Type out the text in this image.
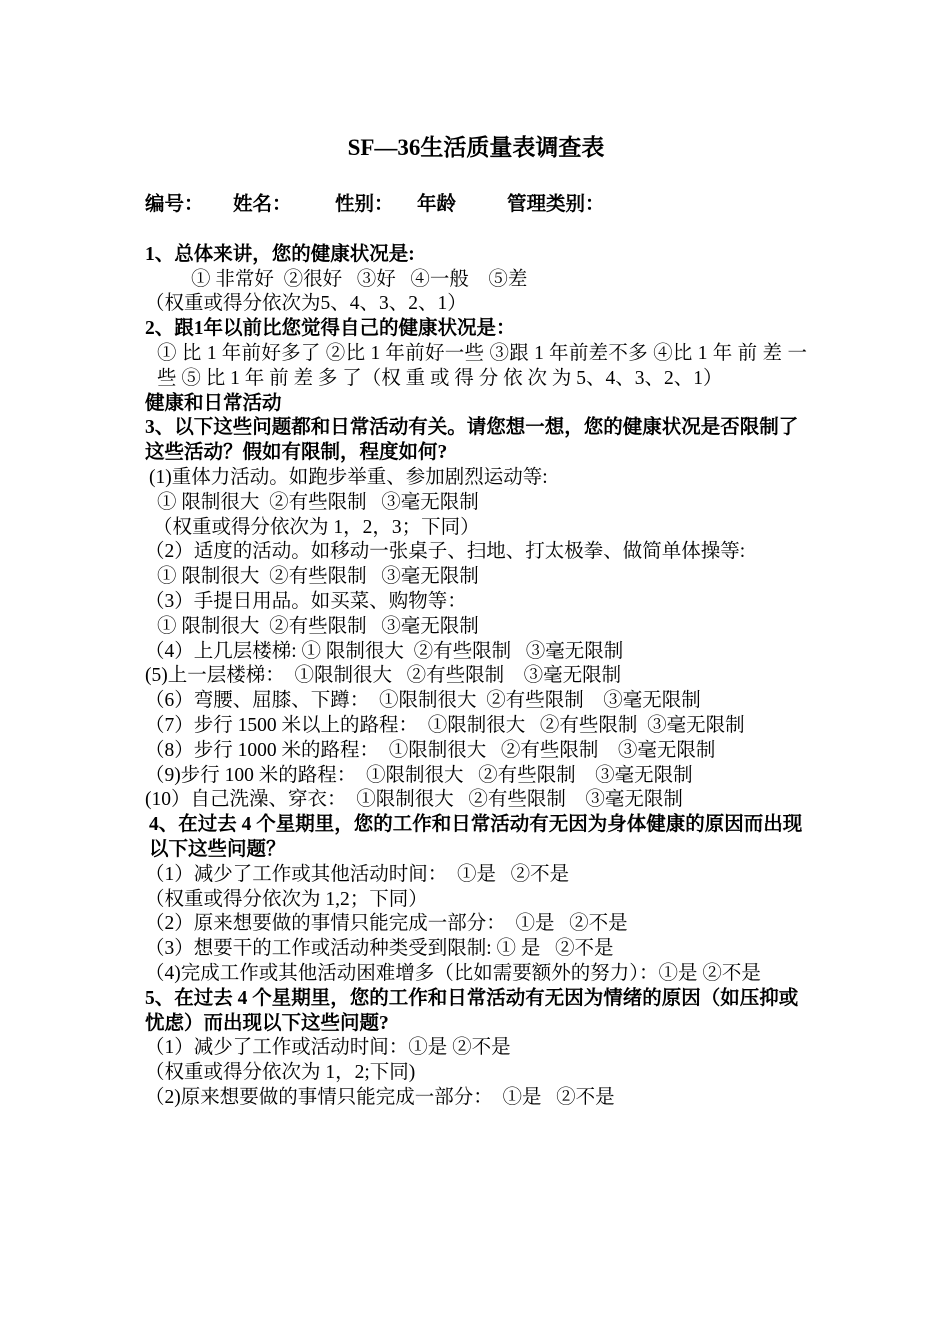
SF—36生活质量表调查表
编号： 姓名： 性别： 年龄	管理类别：
1、总体来讲，您的健康状况是:
① 非常好  ②很好   ③好   ④一般    ⑤差
（权重或得分依次为5、4、3、2、1）
2、跟1年以前比您觉得自己的健康状况是：
① 比 1 年前好多了 ②比 1 年前好一些 ③跟 1 年前差不多 ④比 1 年 前 差 一 些 ⑤ 比 1 年 前 差 多 了（权 重 或 得 分 依 次 为 5、4、3、2、1）
健康和日常活动
3、以下这些问题都和日常活动有关。请您想一想，您的健康状况是否限制了这些活动？假如有限制，程度如何?
(1)重体力活动。如跑步举重、参加剧烈运动等:
① 限制很大  ②有些限制   ③毫无限制
（权重或得分依次为 1，2，3；下同）
（2）适度的活动。如移动一张桌子、扫地、打太极拳、做简单体操等:
① 限制很大  ②有些限制   ③毫无限制
（3）手提日用品。如买菜、购物等：
① 限制很大  ②有些限制   ③毫无限制
（4）上几层楼梯: ① 限制很大  ②有些限制   ③毫无限制
(5)上一层楼梯：  ①限制很大   ②有些限制    ③毫无限制
（6）弯腰、屈膝、下蹲：  ①限制很大  ②有些限制    ③毫无限制
（7）步行 1500 米以上的路程：  ①限制很大   ②有些限制  ③毫无限制
（8）步行 1000 米的路程：  ①限制很大   ②有些限制    ③毫无限制
（9)步行 100 米的路程：  ①限制很大   ②有些限制    ③毫无限制
(10）自己洗澡、穿衣：  ①限制很大   ②有些限制    ③毫无限制
4、在过去 4 个星期里，您的工作和日常活动有无因为身体健康的原因而出现以下这些问题？
（1）减少了工作或其他活动时间：  ①是   ②不是
（权重或得分依次为 1,2；下同）
（2）原来想要做的事情只能完成一部分：  ①是   ②不是
（3）想要干的工作或活动种类受到限制: ① 是   ②不是
（4)完成工作或其他活动困难增多（比如需要额外的努力）：①是 ②不是
5、在过去 4 个星期里，您的工作和日常活动有无因为情绪的原因（如压抑或忧虑）而出现以下这些问题?
（1）减少了工作或活动时间：①是 ②不是
（权重或得分依次为 1，2;下同)
（2)原来想要做的事情只能完成一部分：  ①是   ②不是
